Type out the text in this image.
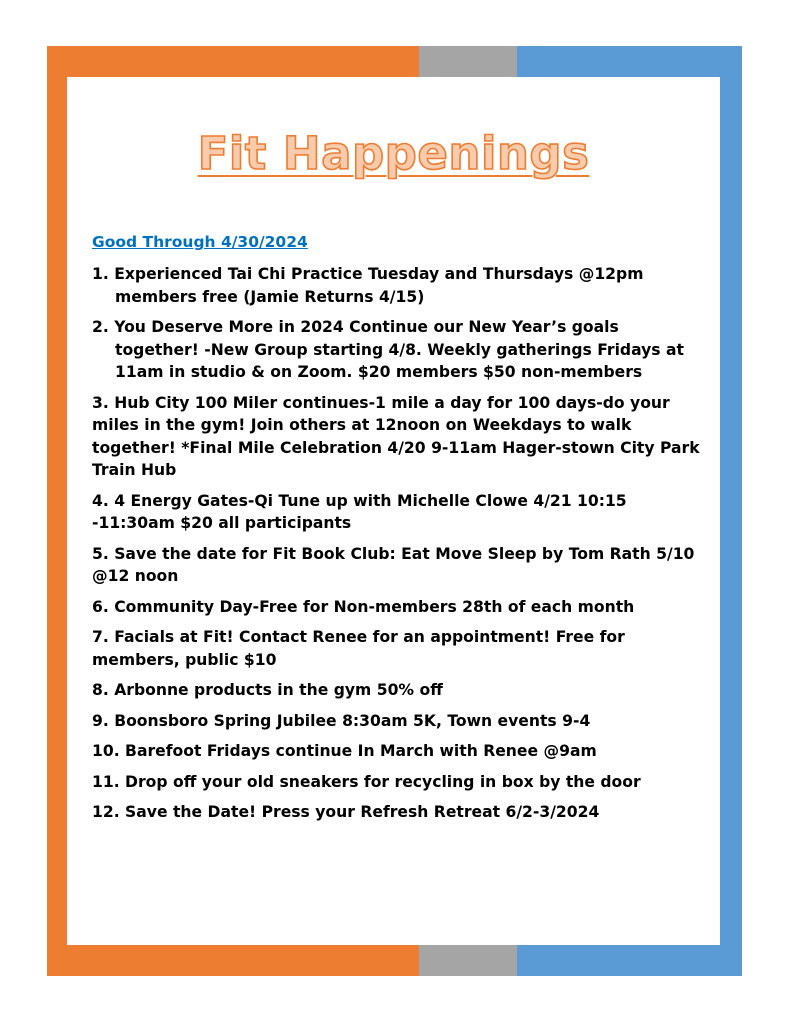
Fit Happenings

Good Through 4/30/2024

1. Experienced Tai Chi Practice Tuesday and Thursdays @12pm members free (Jamie Returns 4/15)
2. You Deserve More in 2024 Continue our New Year’s goals together! -New Group starting 4/8. Weekly gatherings Fridays at 11am in studio & on Zoom. $20 members $50 non-members
3. Hub City 100 Miler continues-1 mile a day for 100 days-do your miles in the gym! Join others at 12noon on Weekdays to walk together! *Final Mile Celebration 4/20 9-11am Hager-stown City Park Train Hub
4. 4 Energy Gates-Qi Tune up with Michelle Clowe 4/21 10:15 -11:30am $20 all participants
5. Save the date for Fit Book Club: Eat Move Sleep by Tom Rath 5/10 @12 noon
6. Community Day-Free for Non-members 28th of each month
7. Facials at Fit! Contact Renee for an appointment! Free for members, public $10
8. Arbonne products in the gym 50% off
9. Boonsboro Spring Jubilee 8:30am 5K, Town events 9-4
10. Barefoot Fridays continue In March with Renee @9am
11. Drop off your old sneakers for recycling in box by the door
12. Save the Date! Press your Refresh Retreat 6/2-3/2024
